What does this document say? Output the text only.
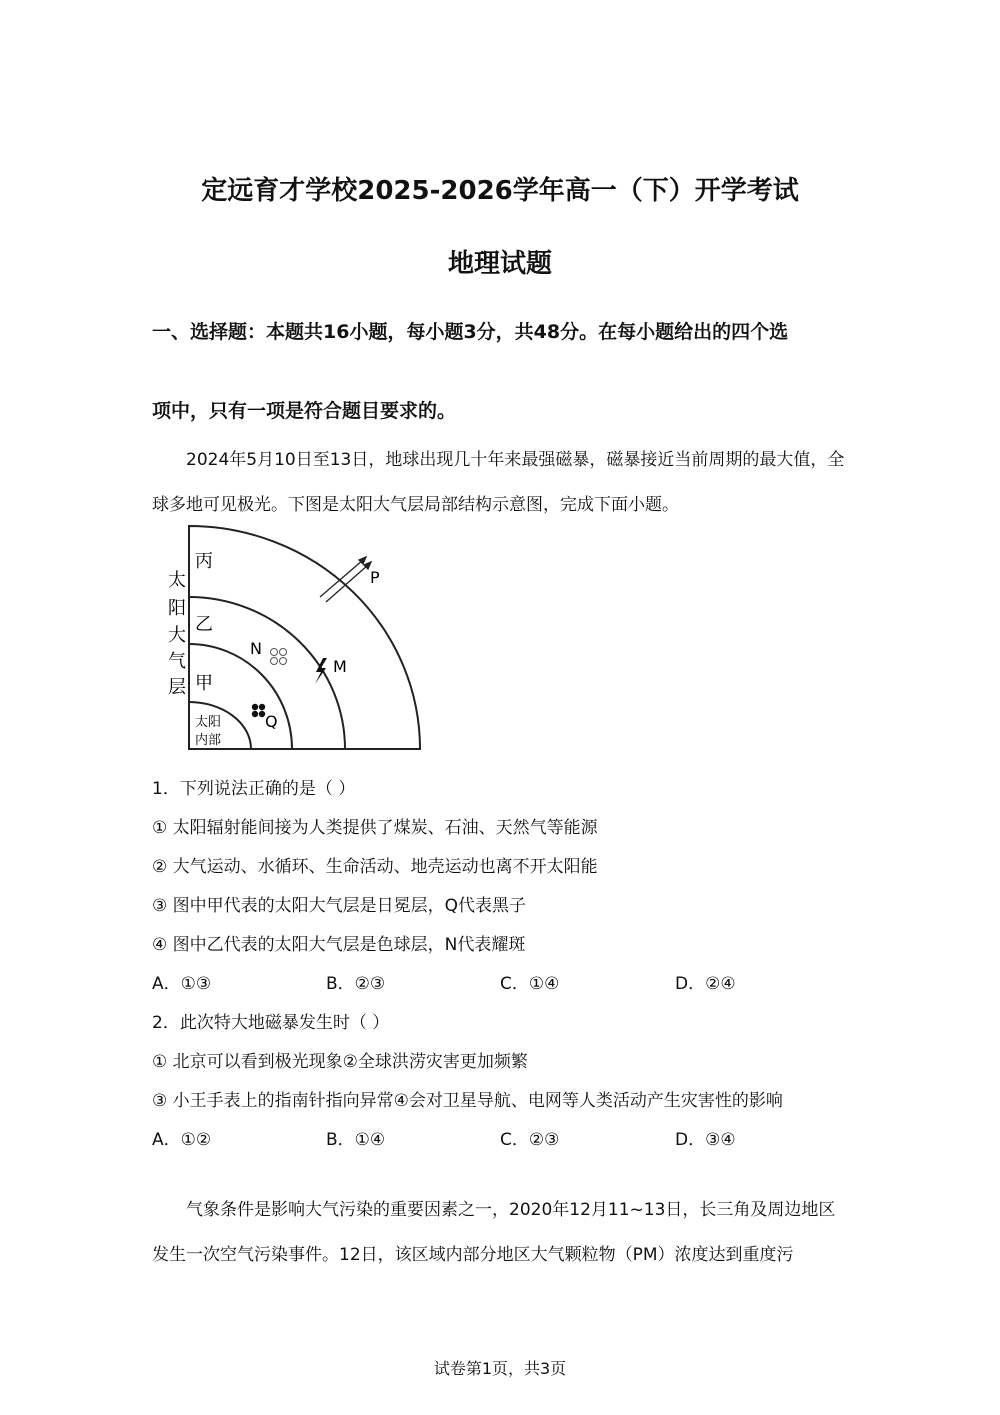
定远育才学校2025-2026学年高一（下）开学考试
地理试题
一、选择题：本题共16小题，每小题3分，共48分。在每小题给出的四个选
项中，只有一项是符合题目要求的。
2024年5月10日至13日，地球出现几十年来最强磁暴，磁暴接近当前周期的最大值，全球多地可见极光。下图是太阳大气层局部结构示意图，完成下面小题。
太
阳
大
气
层
丙
乙
甲
太阳
内部
P
N
M
Q
1．下列说法正确的是（ ）
① 太阳辐射能间接为人类提供了煤炭、石油、天然气等能源
② 大气运动、水循环、生命活动、地壳运动也离不开太阳能
③ 图中甲代表的太阳大气层是日冕层，Q代表黑子
④ 图中乙代表的太阳大气层是色球层，N代表耀斑
A．①③	B．②③	C．①④	D．②④
2．此次特大地磁暴发生时（ ）
① 北京可以看到极光现象②全球洪涝灾害更加频繁
③ 小王手表上的指南针指向异常④会对卫星导航、电网等人类活动产生灾害性的影响
A．①②	B．①④	C．②③	D．③④
气象条件是影响大气污染的重要因素之一，2020年12月11~13日，长三角及周边地区发生一次空气污染事件。12日，该区域内部分地区大气颗粒物（PM）浓度达到重度污
试卷第1页，共3页
